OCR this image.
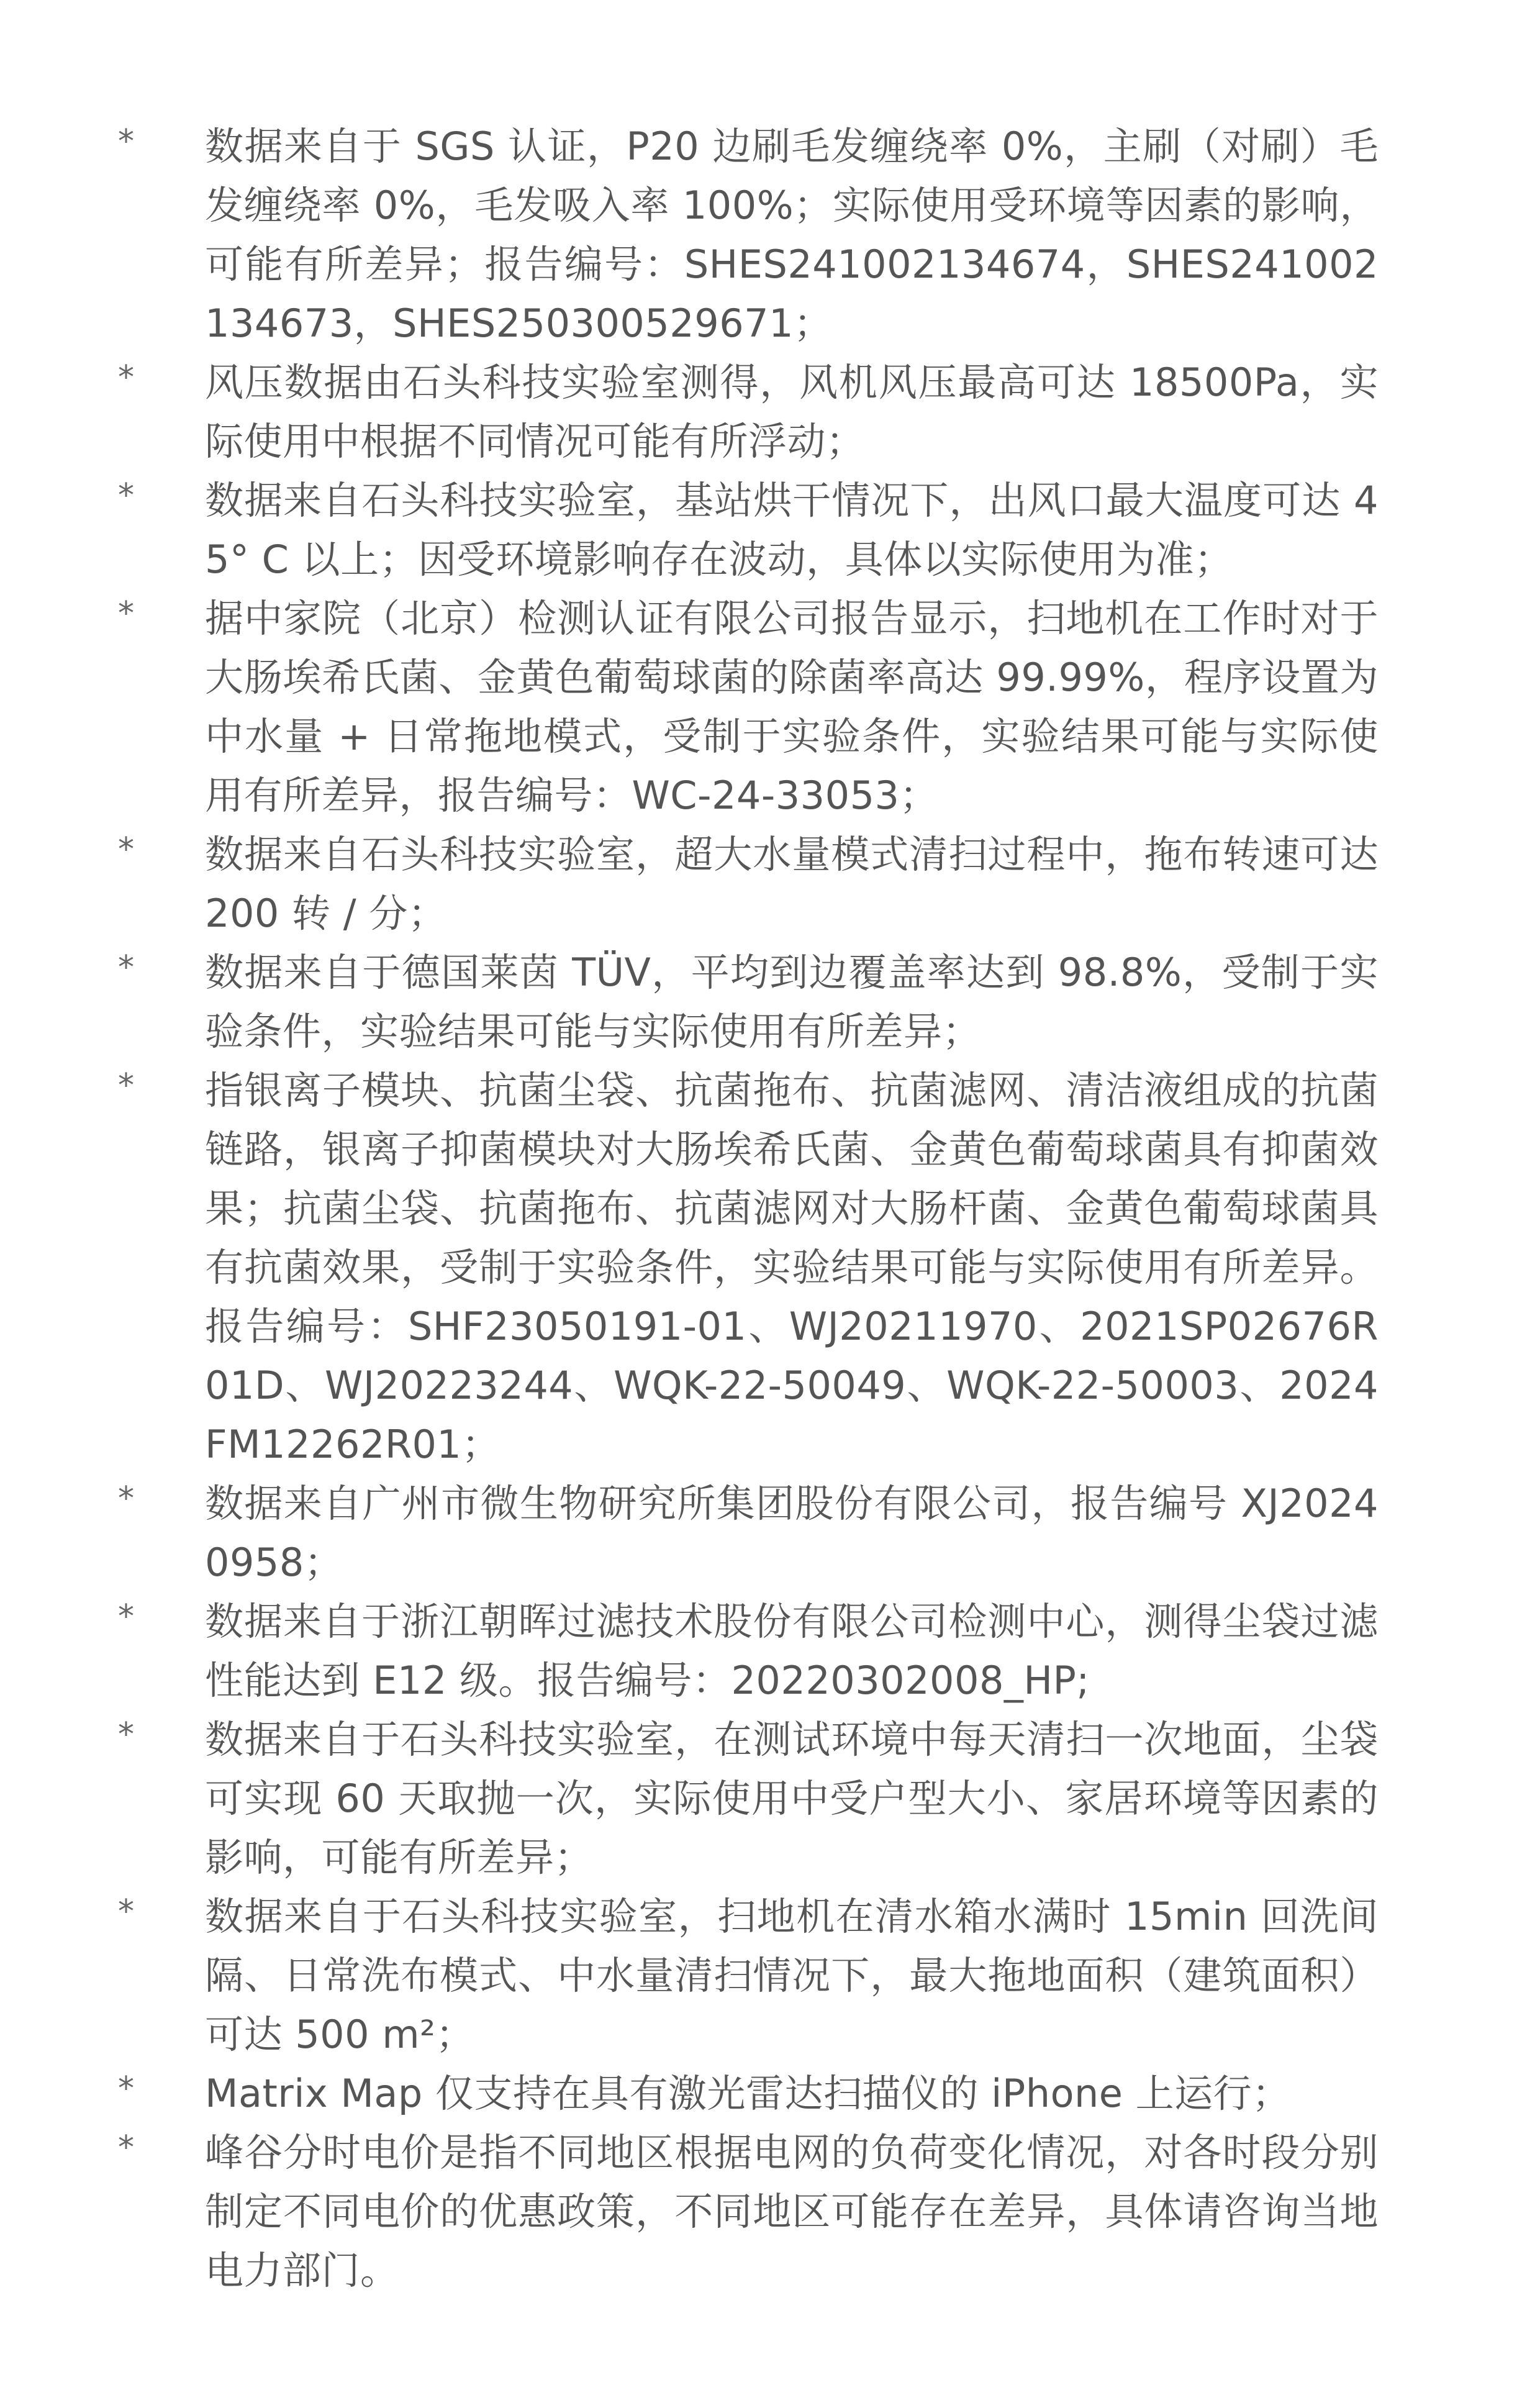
* 数据来自于 SGS 认证，P20 边刷毛发缠绕率 0%，主刷（对刷）毛发缠绕率 0%，毛发吸入率 100%；实际使用受环境等因素的影响，可能有所差异；报告编号：SHES241002134674，SHES241002134673，SHES250300529671；

* 风压数据由石头科技实验室测得，风机风压最高可达 18500Pa，实际使用中根据不同情况可能有所浮动；

* 数据来自石头科技实验室，基站烘干情况下，出风口最大温度可达 45° C 以上；因受环境影响存在波动，具体以实际使用为准；

* 据中家院（北京）检测认证有限公司报告显示，扫地机在工作时对于大肠埃希氏菌、金黄色葡萄球菌的除菌率高达 99.99%，程序设置为中水量 + 日常拖地模式，受制于实验条件，实验结果可能与实际使用有所差异，报告编号：WC-24-33053；

* 数据来自石头科技实验室，超大水量模式清扫过程中，拖布转速可达 200 转 / 分；

* 数据来自于德国莱茵 TÜV，平均到边覆盖率达到 98.8%，受制于实验条件，实验结果可能与实际使用有所差异；

* 指银离子模块、抗菌尘袋、抗菌拖布、抗菌滤网、清洁液组成的抗菌链路，银离子抑菌模块对大肠埃希氏菌、金黄色葡萄球菌具有抑菌效果；抗菌尘袋、抗菌拖布、抗菌滤网对大肠杆菌、金黄色葡萄球菌具有抗菌效果，受制于实验条件，实验结果可能与实际使用有所差异。报告编号：SHF23050191-01、WJ20211970、2021SP02676R01D、WJ20223244、WQK-22-50049、WQK-22-50003、2024FM12262R01；

* 数据来自广州市微生物研究所集团股份有限公司，报告编号 XJ20240958；

* 数据来自于浙江朝晖过滤技术股份有限公司检测中心，测得尘袋过滤性能达到 E12 级。报告编号：20220302008_HP;

* 数据来自于石头科技实验室，在测试环境中每天清扫一次地面，尘袋可实现 60 天取抛一次，实际使用中受户型大小、家居环境等因素的影响，可能有所差异；

* 数据来自于石头科技实验室，扫地机在清水箱水满时 15min 回洗间隔、日常洗布模式、中水量清扫情况下，最大拖地面积（建筑面积）可达 500 m²；

* Matrix Map 仅支持在具有激光雷达扫描仪的 iPhone 上运行；

* 峰谷分时电价是指不同地区根据电网的负荷变化情况，对各时段分别制定不同电价的优惠政策，不同地区可能存在差异，具体请咨询当地电力部门。
